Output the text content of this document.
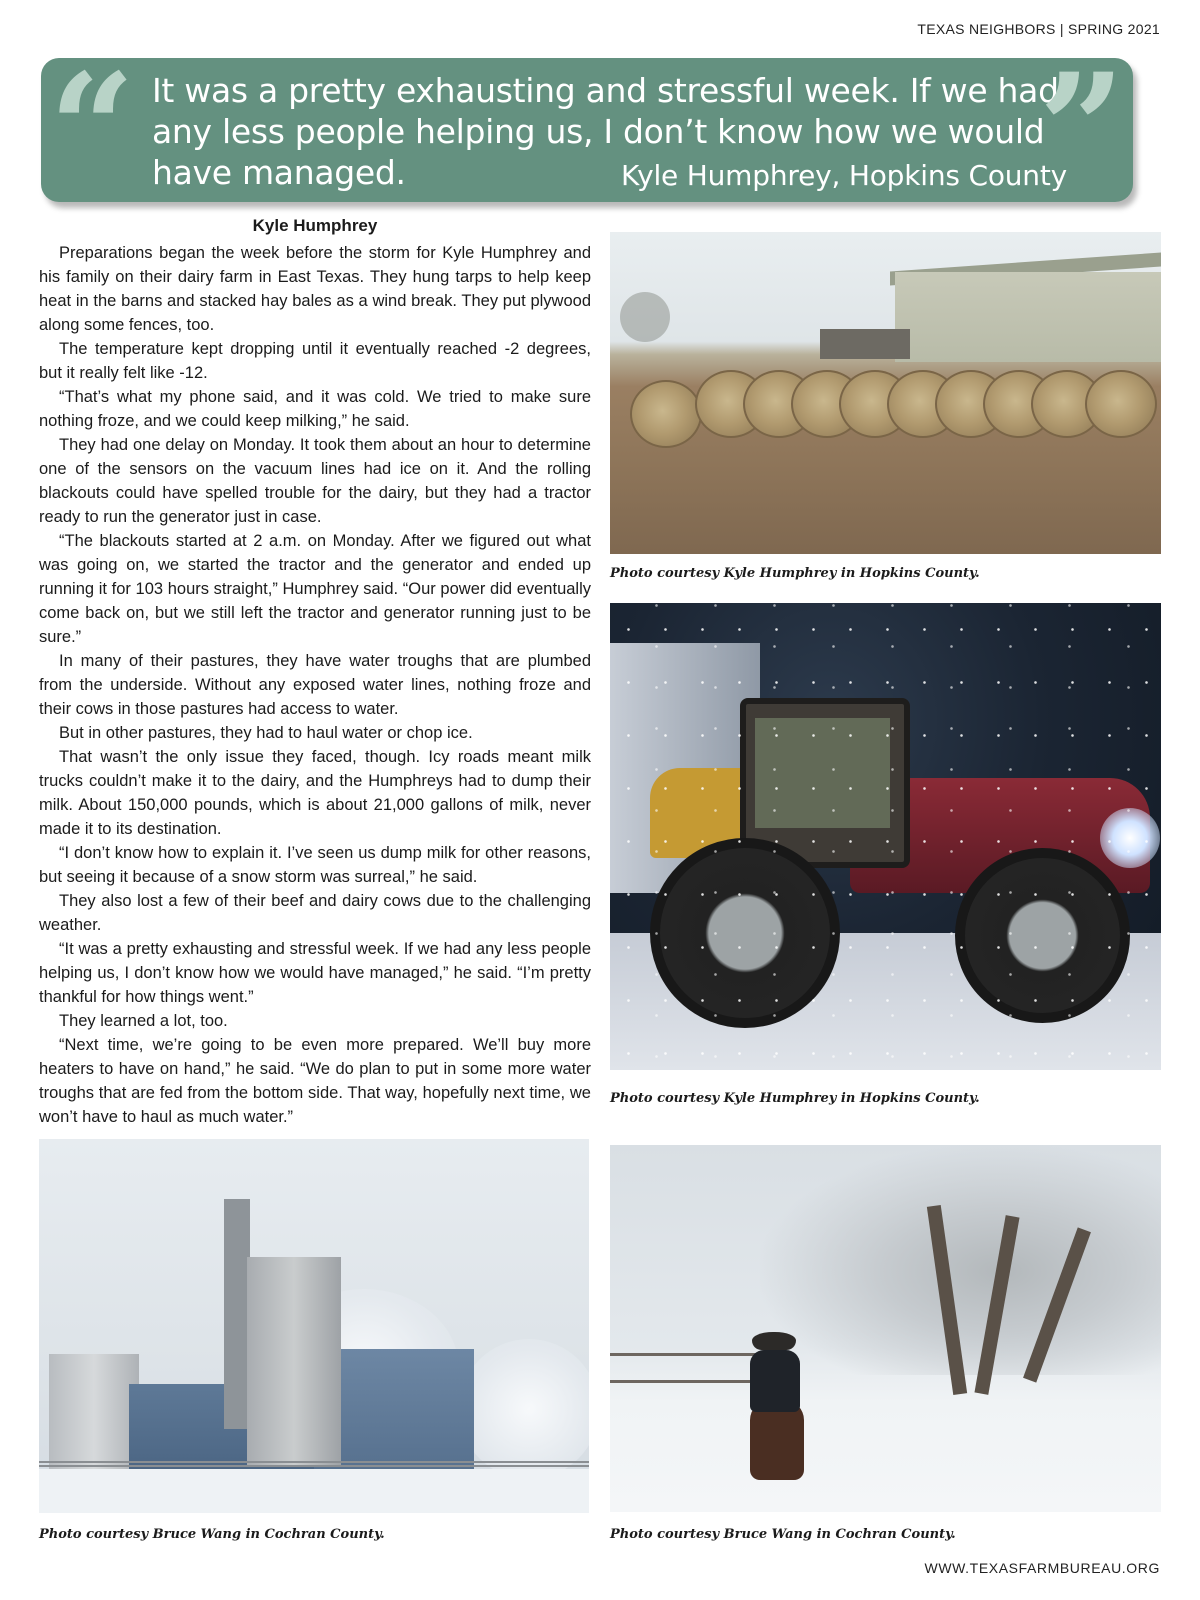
TEXAS NEIGHBORS | SPRING 2021
“ It was a pretty exhausting and stressful week. If we had any less people helping us, I don’t know how we would have managed.	Kyle Humphrey, Hopkins County
”
Kyle Humphrey

Preparations began the week before the storm for Kyle Humphrey and his family on their dairy farm in East Texas. They hung tarps to help keep heat in the barns and stacked hay bales as a wind break. They put plywood along some fences, too.

The temperature kept dropping until it eventually reached -2 degrees, but it really felt like -12.

“That’s what my phone said, and it was cold. We tried to make sure nothing froze, and we could keep milking,” he said.

They had one delay on Monday. It took them about an hour to determine one of the sensors on the vacuum lines had ice on it. And the rolling blackouts could have spelled trouble for the dairy, but they had a tractor ready to run the generator just in case.

“The blackouts started at 2 a.m. on Monday. After we figured out what was going on, we started the tractor and the generator and ended up running it for 103 hours straight,” Humphrey said. “Our power did eventually come back on, but we still left the tractor and generator running just to be sure.”

In many of their pastures, they have water troughs that are plumbed from the underside. Without any exposed water lines, nothing froze and their cows in those pastures had access to water.

But in other pastures, they had to haul water or chop ice.

That wasn’t the only issue they faced, though. Icy roads meant milk trucks couldn’t make it to the dairy, and the Humphreys had to dump their milk. About 150,000 pounds, which is about 21,000 gallons of milk, never made it to its destination.

“I don’t know how to explain it. I’ve seen us dump milk for other reasons, but seeing it because of a snow storm was surreal,” he said.

They also lost a few of their beef and dairy cows due to the challenging weather.

“It was a pretty exhausting and stressful week. If we had any less people helping us, I don’t know how we would have managed,” he said. “I’m pretty thankful for how things went.”

They learned a lot, too.

“Next time, we’re going to be even more prepared. We’ll buy more heaters to have on hand,” he said. “We do plan to put in some more water troughs that are fed from the bottom side. That way, hopefully next time, we won’t have to haul as much water.”

Photo courtesy Kyle Humphrey in Hopkins County.
Photo courtesy Kyle Humphrey in Hopkins County.
Photo courtesy Bruce Wang in Cochran County.	Photo courtesy Bruce Wang in Cochran County.
WWW.TEXASFARMBUREAU.ORG
